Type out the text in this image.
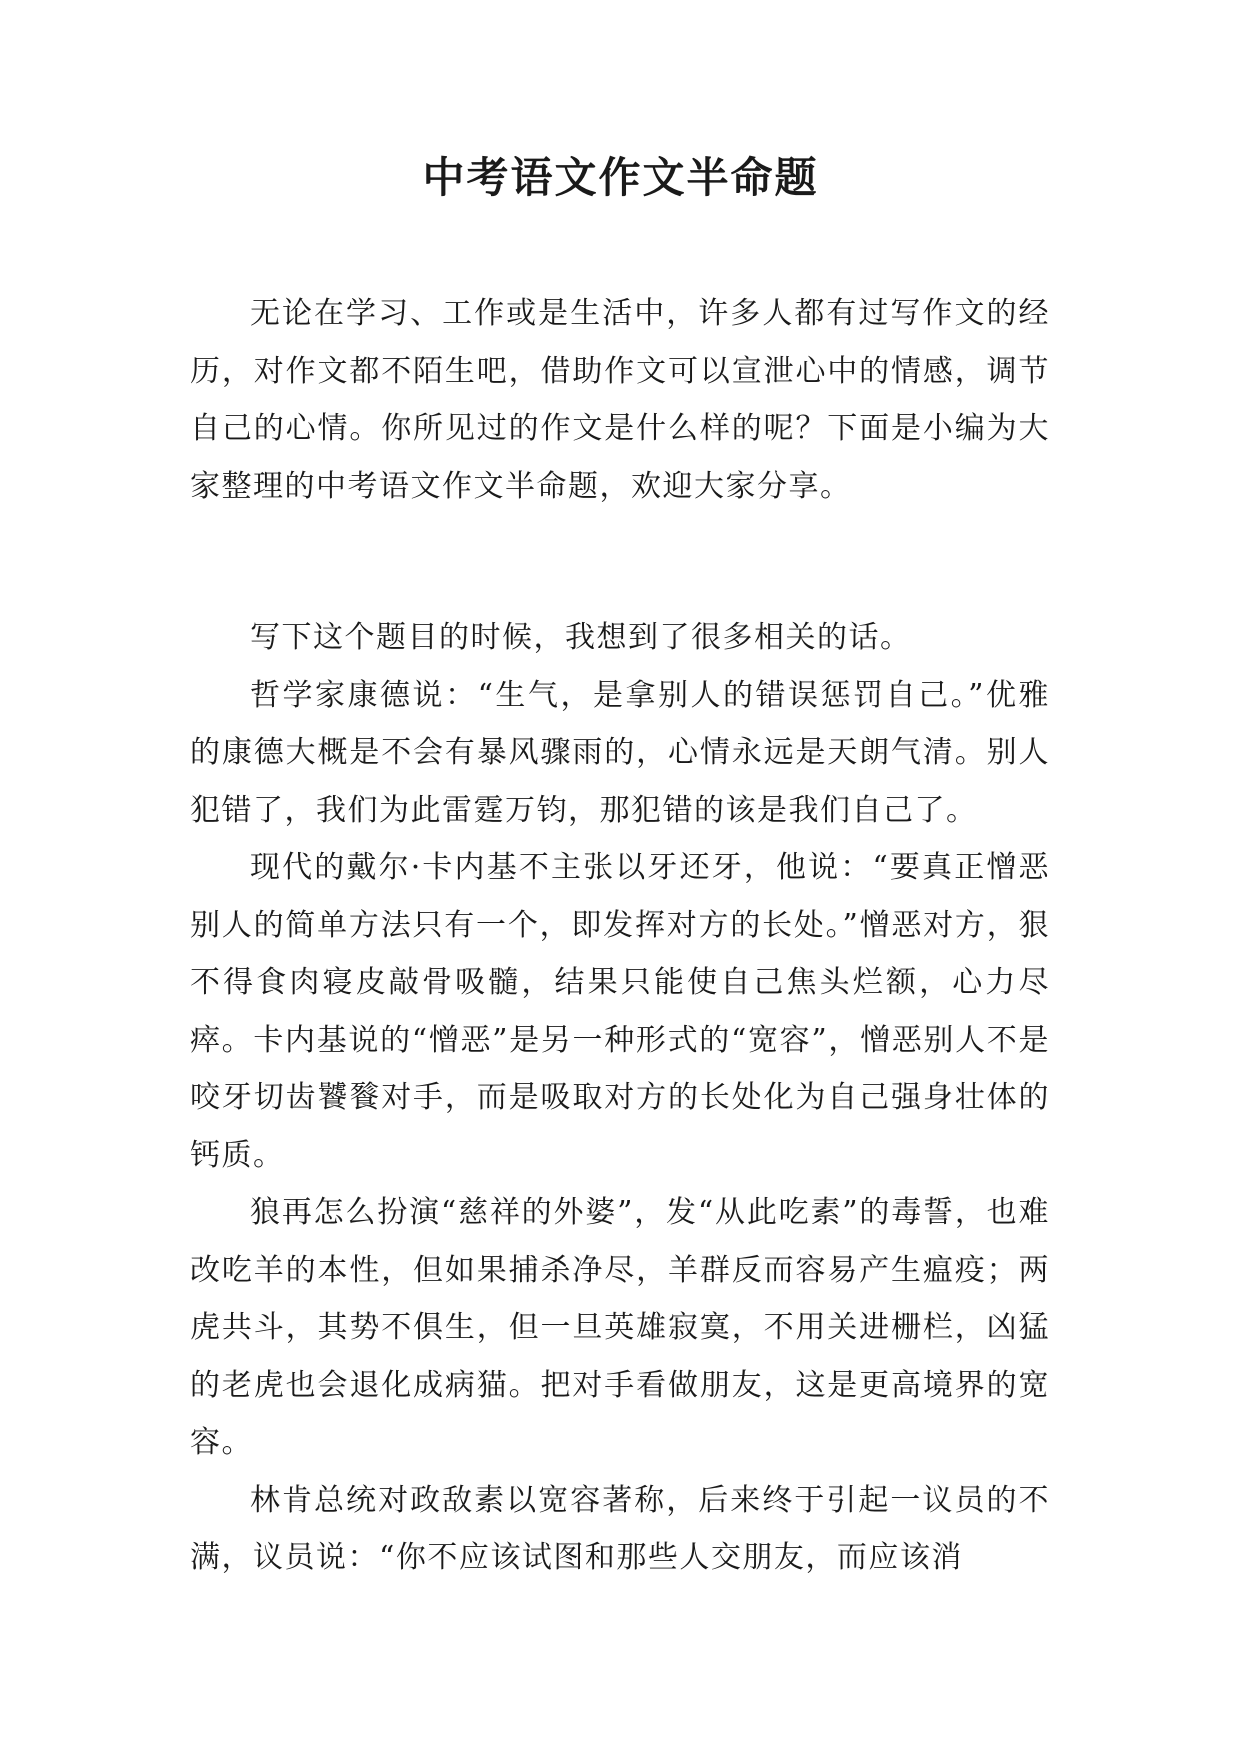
中考语文作文半命题

无论在学习、工作或是生活中，许多人都有过写作文的经历，对作文都不陌生吧，借助作文可以宣泄心中的情感，调节自己的心情。你所见过的作文是什么样的呢？下面是小编为大家整理的中考语文作文半命题，欢迎大家分享。

写下这个题目的时候，我想到了很多相关的话。

哲学家康德说：“生气，是拿别人的错误惩罚自己。”优雅的康德大概是不会有暴风骤雨的，心情永远是天朗气清。别人犯错了，我们为此雷霆万钧，那犯错的该是我们自己了。

现代的戴尔·卡内基不主张以牙还牙，他说：“要真正憎恶别人的简单方法只有一个，即发挥对方的长处。”憎恶对方，狠不得食肉寝皮敲骨吸髓，结果只能使自己焦头烂额，心力尽瘁。卡内基说的“憎恶”是另一种形式的“宽容”，憎恶别人不是咬牙切齿饕餮对手，而是吸取对方的长处化为自己强身壮体的钙质。

狼再怎么扮演“慈祥的外婆”，发“从此吃素”的毒誓，也难改吃羊的本性，但如果捕杀净尽，羊群反而容易产生瘟疫；两虎共斗，其势不俱生，但一旦英雄寂寞，不用关进栅栏，凶猛的老虎也会退化成病猫。把对手看做朋友，这是更高境界的宽容。

林肯总统对政敌素以宽容著称，后来终于引起一议员的不满，议员说：“你不应该试图和那些人交朋友，而应该消
